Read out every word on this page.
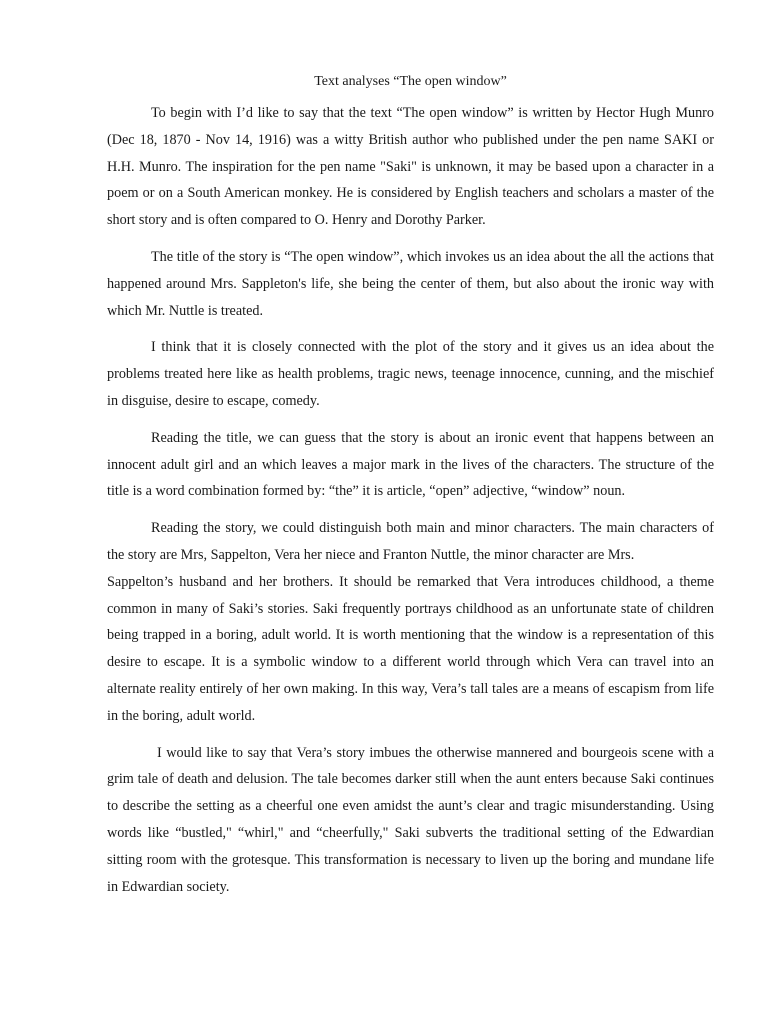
Text analyses “The open window”

To begin with I’d like to say that the text “The open window” is written by Hector Hugh Munro (Dec 18, 1870 - Nov 14, 1916) was a witty British author who published under the pen name SAKI or H.H. Munro. The inspiration for the pen name "Saki" is unknown, it may be based upon a character in a poem or on a South American monkey. He is considered by English teachers and scholars a master of the short story and is often compared to O. Henry and Dorothy Parker.

The title of the story is “The open window”, which invokes us an idea about the all the actions that happened around Mrs. Sappleton's life, she being the center of them, but also about the ironic way with which Mr. Nuttle is treated.

I think that it is closely connected with the plot of the story and it gives us an idea about the problems treated here like as health problems, tragic news, teenage innocence, cunning, and the mischief in disguise, desire to escape, comedy.

Reading the title, we can guess that the story is about an ironic event that happens between an innocent adult girl and an which leaves a major mark in the lives of the characters. The structure of the title is a word combination formed by: “the” it is article, “open” adjective, “window” noun.

Reading the story, we could distinguish both main and minor characters. The main characters of the story are Mrs, Sappelton, Vera her niece and Franton Nuttle, the minor character are Mrs.

Sappelton’s husband and her brothers. It should be remarked that Vera introduces childhood, a theme common in many of Saki’s stories. Saki frequently portrays childhood as an unfortunate state of children being trapped in a boring, adult world. It is worth mentioning that the window is a representation of this desire to escape. It is a symbolic window to a different world through which Vera can travel into an alternate reality entirely of her own making. In this way, Vera’s tall tales are a means of escapism from life in the boring, adult world.

I would like to say that Vera’s story imbues the otherwise mannered and bourgeois scene with a grim tale of death and delusion. The tale becomes darker still when the aunt enters because Saki continues to describe the setting as a cheerful one even amidst the aunt’s clear and tragic misunderstanding. Using words like “bustled," “whirl," and “cheerfully," Saki subverts the traditional setting of the Edwardian sitting room with the grotesque. This transformation is necessary to liven up the boring and mundane life in Edwardian society.
